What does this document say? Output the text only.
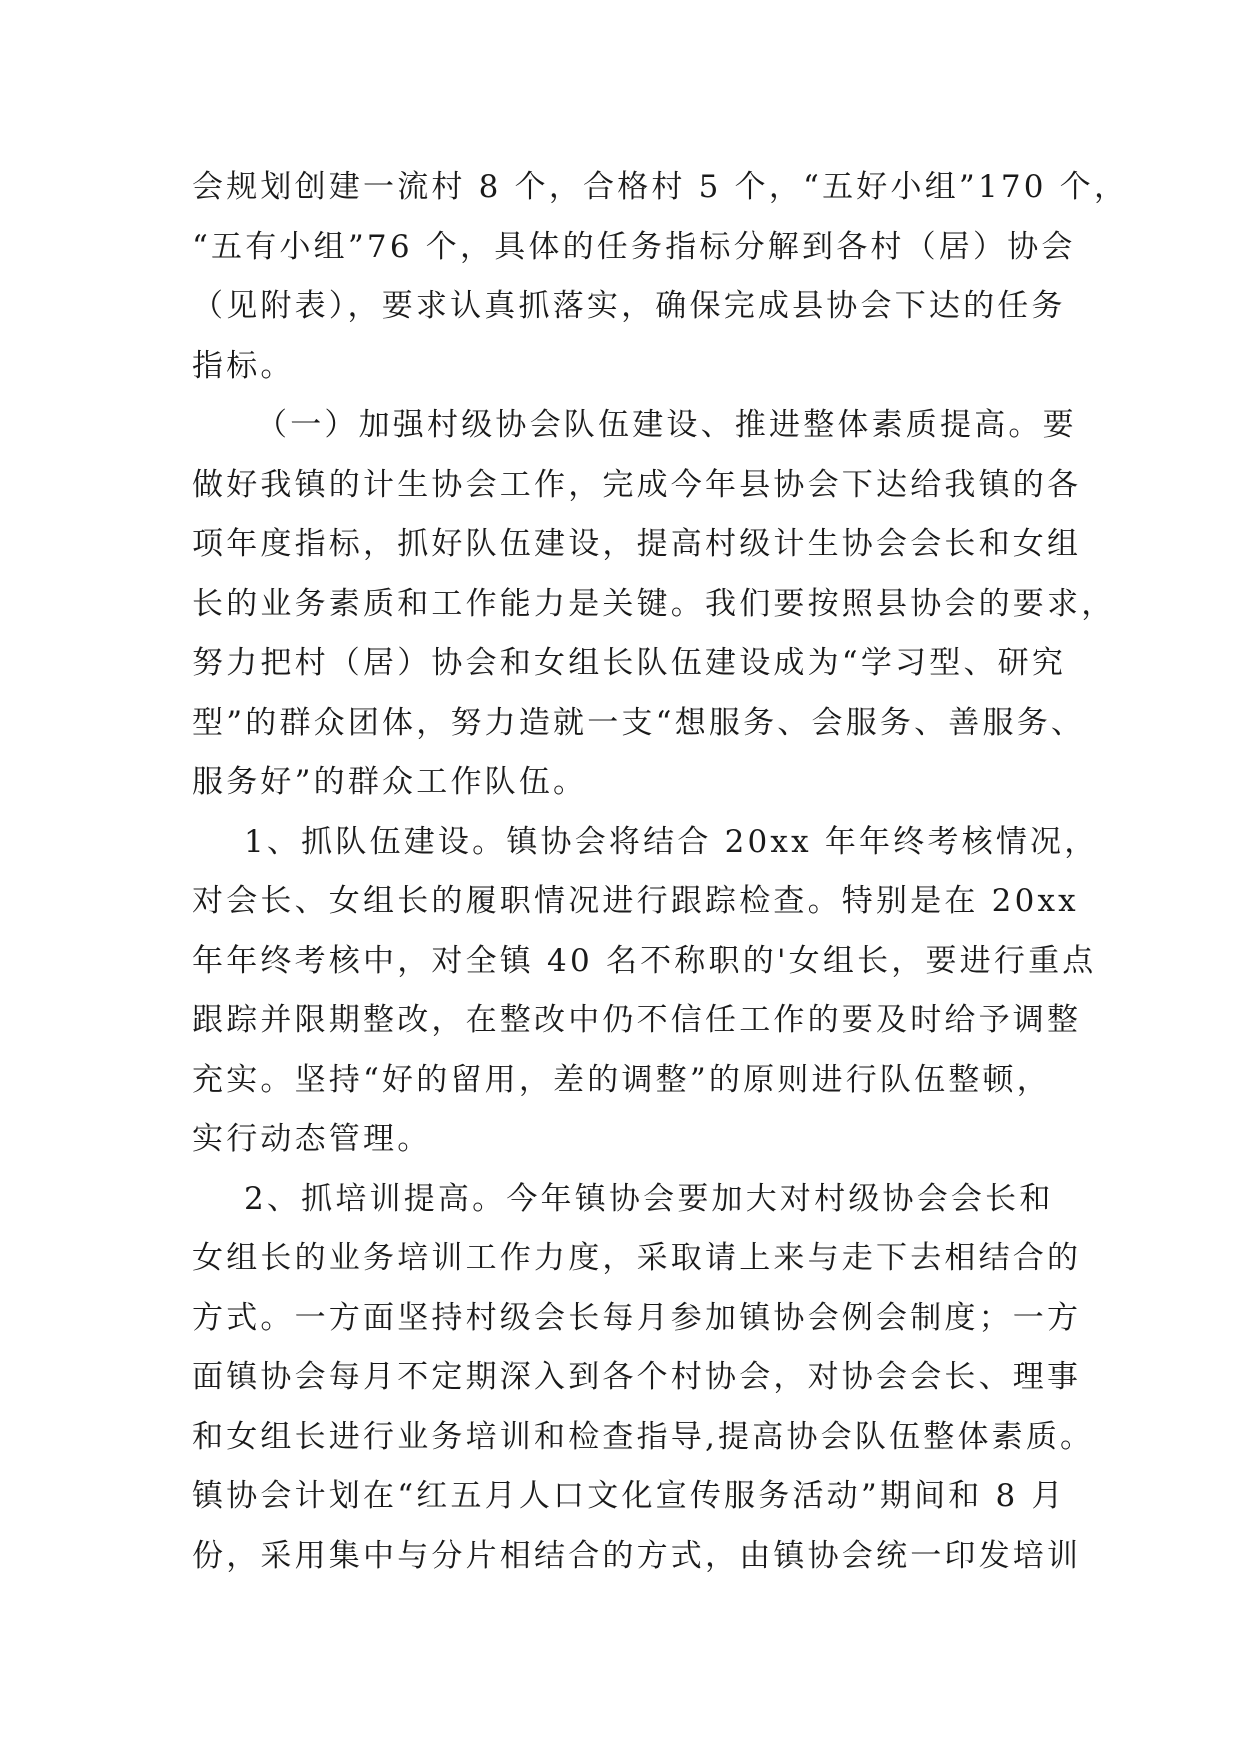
会规划创建一流村 8 个，合格村 5 个，“五好小组”170 个，
“五有小组”76 个，具体的任务指标分解到各村（居）协会
（见附表），要求认真抓落实，确保完成县协会下达的任务
指标。
（一）加强村级协会队伍建设、推进整体素质提高。要
做好我镇的计生协会工作，完成今年县协会下达给我镇的各
项年度指标，抓好队伍建设，提高村级计生协会会长和女组
长的业务素质和工作能力是关键。我们要按照县协会的要求，
努力把村（居）协会和女组长队伍建设成为“学习型、研究
型”的群众团体，努力造就一支“想服务、会服务、善服务、
服务好”的群众工作队伍。
1、抓队伍建设。镇协会将结合 20xx 年年终考核情况，
对会长、女组长的履职情况进行跟踪检查。特别是在 20xx
年年终考核中，对全镇 40 名不称职的'女组长，要进行重点
跟踪并限期整改，在整改中仍不信任工作的要及时给予调整
充实。坚持“好的留用，差的调整”的原则进行队伍整顿，
实行动态管理。
2、抓培训提高。今年镇协会要加大对村级协会会长和
女组长的业务培训工作力度，采取请上来与走下去相结合的
方式。一方面坚持村级会长每月参加镇协会例会制度；一方
面镇协会每月不定期深入到各个村协会，对协会会长、理事
和女组长进行业务培训和检查指导,提高协会队伍整体素质。
镇协会计划在“红五月人口文化宣传服务活动”期间和 8 月
份，采用集中与分片相结合的方式，由镇协会统一印发培训
